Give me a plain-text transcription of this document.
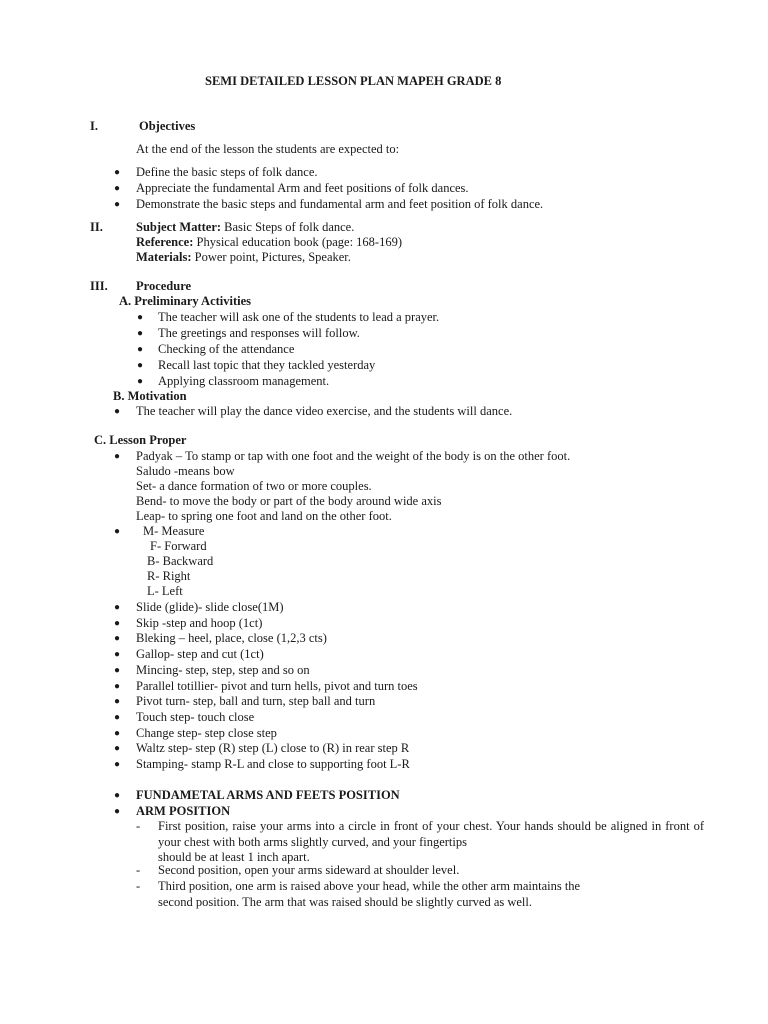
SEMI DETAILED LESSON PLAN MAPEH GRADE 8
I.	Objectives
At the end of the lesson the students are expected to:
● Define the basic steps of folk dance.
● Appreciate the fundamental Arm and feet positions of folk dances.
● Demonstrate the basic steps and fundamental arm and feet position of folk dance.
II.	Subject Matter: Basic Steps of folk dance.
Reference: Physical education book (page: 168-169)
Materials: Power point, Pictures, Speaker.
III. Procedure
A. Preliminary Activities
● The teacher will ask one of the students to lead a prayer.
● The greetings and responses will follow.
● Checking of the attendance
● Recall last topic that they tackled yesterday
● Applying classroom management.
B. Motivation
● The teacher will play the dance video exercise, and the students will dance.
C. Lesson Proper
● Padyak – To stamp or tap with one foot and the weight of the body is on the other foot.
Saludo -means bow
Set- a dance formation of two or more couples.
Bend- to move the body or part of the body around wide axis
Leap- to spring one foot and land on the other foot.
● M- Measure
F- Forward
B- Backward
R- Right
L- Left
● Slide (glide)- slide close(1M)
● Skip -step and hoop (1ct)
● Bleking – heel, place, close (1,2,3 cts)
● Gallop- step and cut (1ct)
● Mincing- step, step, step and so on
● Parallel totillier- pivot and turn hells, pivot and turn toes
● Pivot turn- step, ball and turn, step ball and turn
● Touch step- touch close
● Change step- step close step
● Waltz step- step (R) step (L) close to (R) in rear step R
● Stamping- stamp R-L and close to supporting foot L-R
● FUNDAMETAL ARMS AND FEETS POSITION
● ARM POSITION
- First position, raise your arms into a circle in front of your chest. Your hands should be aligned in front of your chest with both arms slightly curved, and your fingertips
should be at least 1 inch apart.
- Second position, open your arms sideward at shoulder level.
- Third position, one arm is raised above your head, while the other arm maintains the
second position. The arm that was raised should be slightly curved as well.
